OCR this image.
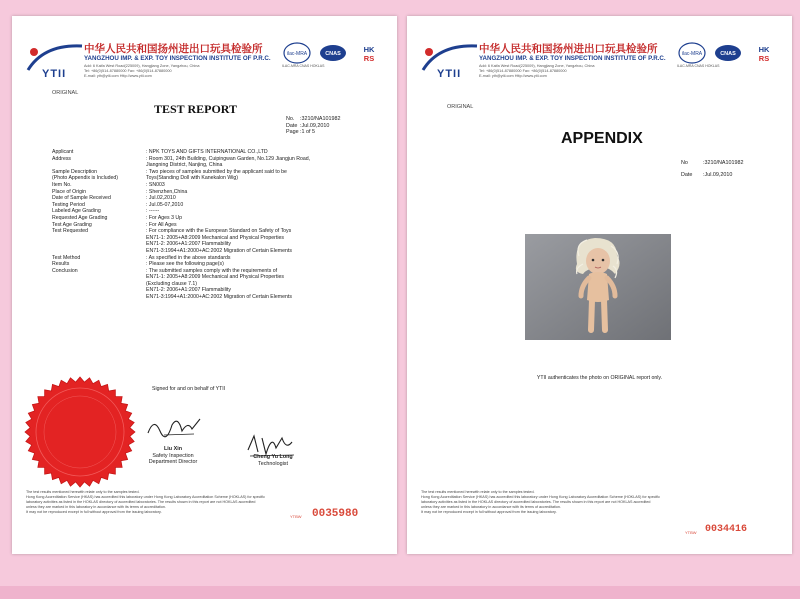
YTII
中华人民共和国扬州进出口玩具检验所
YANGZHOU IMP. & EXP. TOY INSPECTION INSTITUTE OF P.R.C.
Add: 6 Kaifa West Road(225009), Hangjiang Zone, Yangzhou, China
Tel: +86(0)514-87880000 Fax: +86(0)514-87880000
E-mail: yth@ytii.com Http://www.ytii.com
ilac-MRA	CNAS	HK
RS
ILAC-MRA CNAS HOKLAS
ORIGINAL
TEST REPORT
No. :3210/NA101982
Date :Jul.09,2010
Page:1 of 5
Applicant	: NPK TOYS AND GIFTS INTERNATIONAL CO.,LTD
Address	: Room 301, 24th Building, Cuipingwan Garden, No.129 Jiangjun Road,
Jiangning District, Nanjing, China
Sample Description	: Two pieces of samples submitted by the applicant said to be
(Photo Appendix is Included)	Toys(Standing Doll with Kanekalon Wig)
Item No.	: SN003
Place of Origin	: Shenzhen,China
Date of Sample Received	: Jul.02,2010
Testing Period	: Jul.05-07,2010
Labeled Age Grading	: ------
Requested Age Grading	: For Ages 3 Up
Test Age Grading	: For All Ages
Test Requested	: For compliance with the European Standard on Safety of Toys
EN71-1: 2005+A8:2009 Mechanical and Physical Properties
EN71-2: 2006+A1:2007 Flammability
EN71-3:1994+A1:2000+AC:2002 Migration of Certain Elements
Test Method	: As specified in the above standards
Results	: Please see the following page(s)
Conclusion	: The submitted samples comply with the requirements of
EN71-1: 2005+A8:2009 Mechanical and Physical Properties
(Excluding clause 7.1)
EN71-2: 2006+A1:2007 Flammability
EN71-3:1994+A1:2000+AC:2002 Migration of Certain Elements
Signed for and on behalf of YTII
Liu Xin
Safety Inspection
Department Director
Cheng Yu Long
Technologist
The test results mentioned herewith relate only to the samples tested.
Hong Kong Accreditation Service (HKAS) has accredited this laboratory under Hong Kong Laboratory Accreditation Scheme (HOKLAS) for specific
laboratory activities as listed in the HOKLAS directory of accredited laboratories. The results shown in this report are not HOKLAS accredited
unless they are marked in this laboratory in accordance with its terms of accreditation.
It may not be reproduced except in full without approval from the issuing laboratory.
YTBW 0035980
YTII
中华人民共和国扬州进出口玩具检验所
YANGZHOU IMP. & EXP. TOY INSPECTION INSTITUTE OF P.R.C.
Add: 6 Kaifa West Road(225009), Hangjiang Zone, Yangzhou, China
Tel: +86(0)514-87880000 Fax: +86(0)514-87880000
E-mail: yth@ytii.com Http://www.ytii.com
ilac-MRA	CNAS	HK
RS
ILAC-MRA CNAS HOKLAS
ORIGINAL
APPENDIX
No	:3210/NA101982
Date :Jul.09,2010
YTII authenticates the photo on ORIGINAL report only.
The test results mentioned herewith relate only to the samples tested.
Hong Kong Accreditation Service (HKAS) has accredited this laboratory under Hong Kong Laboratory Accreditation Scheme (HOKLAS) for specific
laboratory activities as listed in the HOKLAS directory of accredited laboratories. The results shown in this report are not HOKLAS accredited
unless they are marked in this laboratory in accordance with its terms of accreditation.
It may not be reproduced except in full without approval from the issuing laboratory.
YTBW 0034416
